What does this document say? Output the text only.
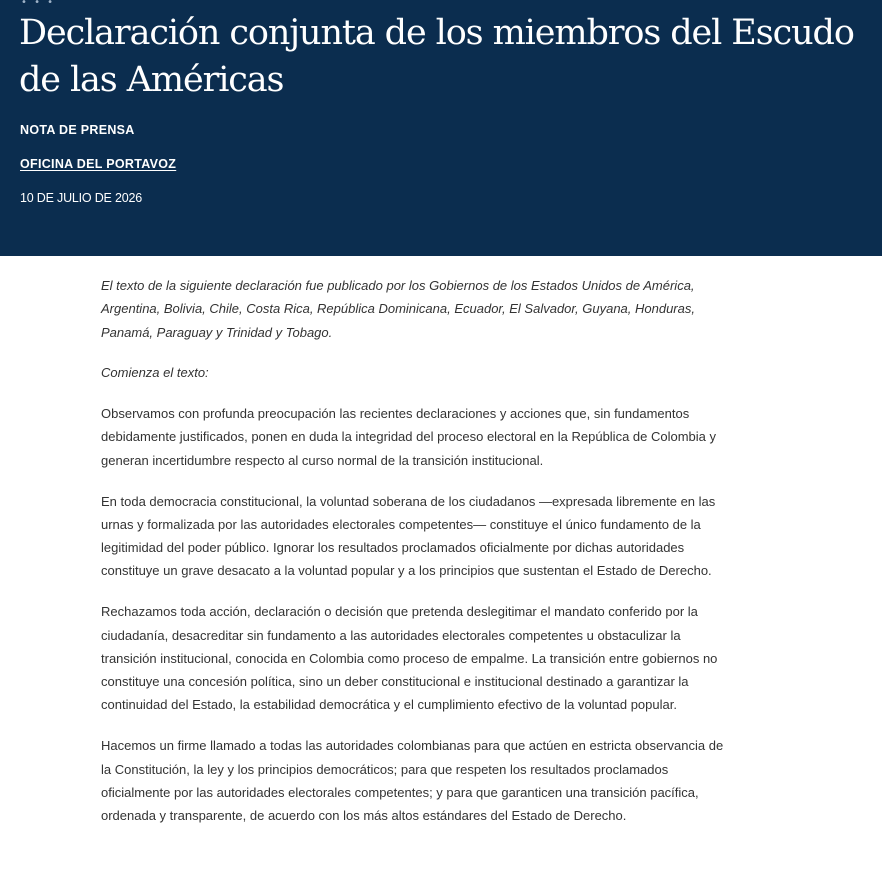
• • •
Declaración conjunta de los miembros del Escudo de las Américas
NOTA DE PRENSA
OFICINA DEL PORTAVOZ
10 DE JULIO DE 2026

El texto de la siguiente declaración fue publicado por los Gobiernos de los Estados Unidos de América, Argentina, Bolivia, Chile, Costa Rica, República Dominicana, Ecuador, El Salvador, Guyana, Honduras, Panamá, Paraguay y Trinidad y Tobago.

Comienza el texto:

Observamos con profunda preocupación las recientes declaraciones y acciones que, sin fundamentos debidamente justificados, ponen en duda la integridad del proceso electoral en la República de Colombia y generan incertidumbre respecto al curso normal de la transición institucional.

En toda democracia constitucional, la voluntad soberana de los ciudadanos —expresada libremente en las urnas y formalizada por las autoridades electorales competentes— constituye el único fundamento de la legitimidad del poder público. Ignorar los resultados proclamados oficialmente por dichas autoridades constituye un grave desacato a la voluntad popular y a los principios que sustentan el Estado de Derecho.

Rechazamos toda acción, declaración o decisión que pretenda deslegitimar el mandato conferido por la ciudadanía, desacreditar sin fundamento a las autoridades electorales competentes u obstaculizar la transición institucional, conocida en Colombia como proceso de empalme. La transición entre gobiernos no constituye una concesión política, sino un deber constitucional e institucional destinado a garantizar la continuidad del Estado, la estabilidad democrática y el cumplimiento efectivo de la voluntad popular.

Hacemos un firme llamado a todas las autoridades colombianas para que actúen en estricta observancia de la Constitución, la ley y los principios democráticos; para que respeten los resultados proclamados oficialmente por las autoridades electorales competentes; y para que garanticen una transición pacífica, ordenada y transparente, de acuerdo con los más altos estándares del Estado de Derecho.
